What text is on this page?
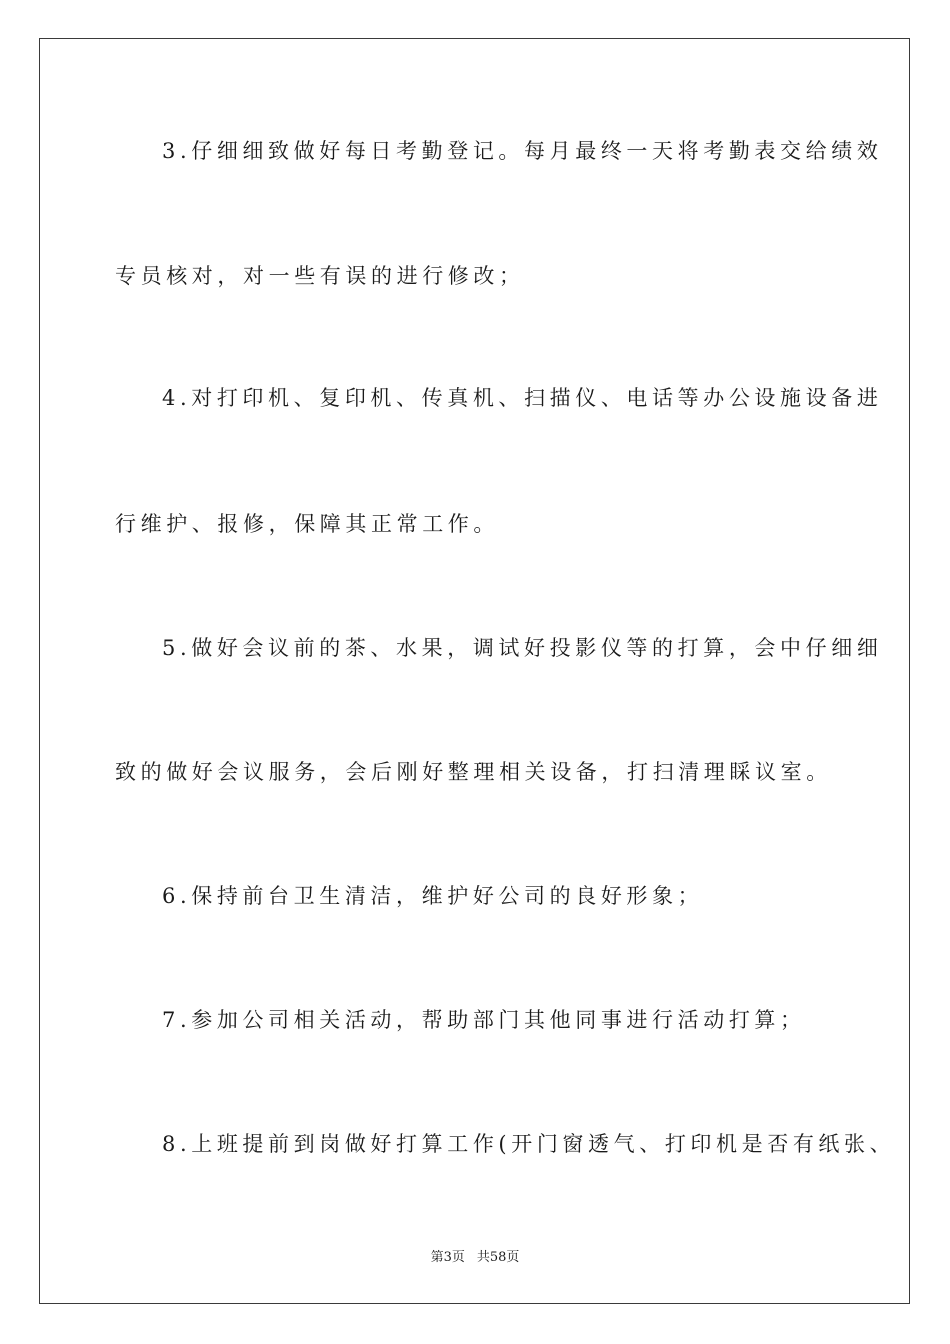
3.仔细细致做好每日考勤登记。每月最终一天将考勤表交给绩效
专员核对，对一些有误的进行修改；
4.对打印机、复印机、传真机、扫描仪、电话等办公设施设备进
行维护、报修，保障其正常工作。
5.做好会议前的茶、水果，调试好投影仪等的打算，会中仔细细
致的做好会议服务，会后刚好整理相关设备，打扫清理睬议室。
6.保持前台卫生清洁，维护好公司的良好形象；
7.参加公司相关活动，帮助部门其他同事进行活动打算；
8.上班提前到岗做好打算工作(开门窗透气、打印机是否有纸张、
第3页 共58页
